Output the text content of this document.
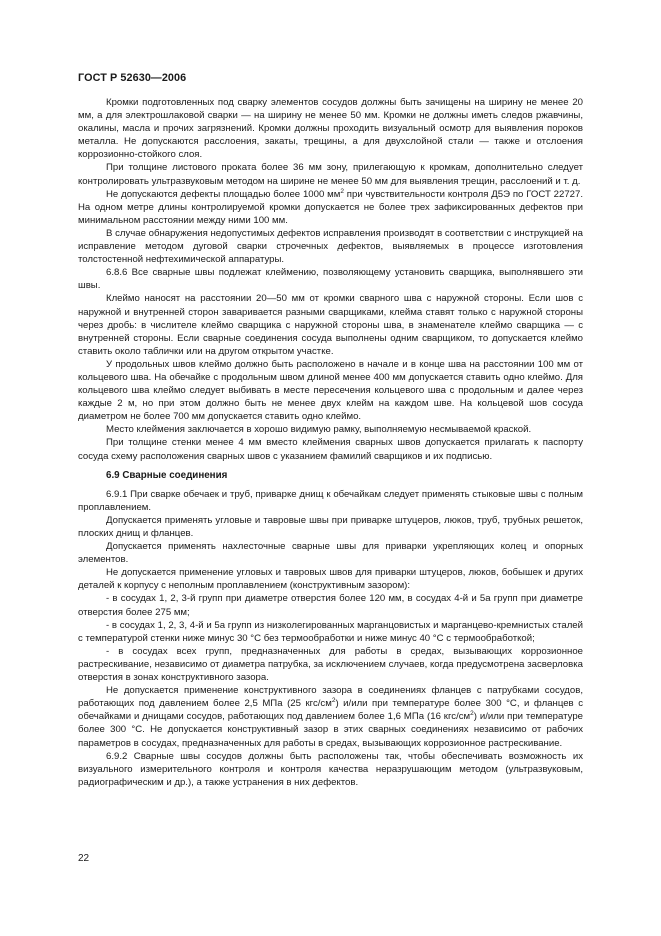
ГОСТ Р 52630—2006

Кромки подготовленных под сварку элементов сосудов должны быть зачищены на ширину не менее 20 мм, а для электрошлаковой сварки — на ширину не менее 50 мм. Кромки не должны иметь следов ржавчины, окалины, масла и прочих загрязнений. Кромки должны проходить визуальный осмотр для выявления пороков металла. Не допускаются расслоения, закаты, трещины, а для двухслойной стали — также и отслоения коррозионно-стойкого слоя.

При толщине листового проката более 36 мм зону, прилегающую к кромкам, дополнительно следует контролировать ультразвуковым методом на ширине не менее 50 мм для выявления трещин, расслоений и т. д.

Не допускаются дефекты площадью более 1000 $мм^2$ при чувствительности контроля Д5Э по ГОСТ 22727. На одном метре длины контролируемой кромки допускается не более трех зафиксированных дефектов при минимальном расстоянии между ними 100 мм.

В случае обнаружения недопустимых дефектов исправления производят в соответствии с инструкцией на исправление методом дуговой сварки строчечных дефектов, выявляемых в процессе изготовления толстостенной нефтехимической аппаратуры.

6.8.6 Все сварные швы подлежат клеймению, позволяющему установить сварщика, выполнявшего эти швы.

Клеймо наносят на расстоянии 20—50 мм от кромки сварного шва с наружной стороны. Если шов с наружной и внутренней сторон заваривается разными сварщиками, клейма ставят только с наружной стороны через дробь: в числителе клеймо сварщика с наружной стороны шва, в знаменателе клеймо сварщика — с внутренней стороны. Если сварные соединения сосуда выполнены одним сварщиком, то допускается клеймо ставить около таблички или на другом открытом участке.

У продольных швов клеймо должно быть расположено в начале и в конце шва на расстоянии 100 мм от кольцевого шва. На обечайке с продольным швом длиной менее 400 мм допускается ставить одно клеймо. Для кольцевого шва клеймо следует выбивать в месте пересечения кольцевого шва с продольным и далее через каждые 2 м, но при этом должно быть не менее двух клейм на каждом шве. На кольцевой шов сосуда диаметром не более 700 мм допускается ставить одно клеймо.

Место клеймения заключается в хорошо видимую рамку, выполняемую несмываемой краской.

При толщине стенки менее 4 мм вместо клеймения сварных швов допускается прилагать к паспорту сосуда схему расположения сварных швов с указанием фамилий сварщиков и их подписью.

6.9 Сварные соединения

6.9.1 При сварке обечаек и труб, приварке днищ к обечайкам следует применять стыковые швы с полным проплавлением.

Допускается применять угловые и тавровые швы при приварке штуцеров, люков, труб, трубных решеток, плоских днищ и фланцев.

Допускается применять нахлесточные сварные швы для приварки укрепляющих колец и опорных элементов.

Не допускается применение угловых и тавровых швов для приварки штуцеров, люков, бобышек и других деталей к корпусу с неполным проплавлением (конструктивным зазором):

- в сосудах 1, 2, 3-й групп при диаметре отверстия более 120 мм, в сосудах 4-й и 5а групп при диаметре отверстия более 275 мм;

- в сосудах 1, 2, 3, 4-й и 5а групп из низколегированных марганцовистых и марганцево-кремнистых сталей с температурой стенки ниже минус 30 °С без термообработки и ниже минус 40 °С с термообработкой;

- в сосудах всех групп, предназначенных для работы в средах, вызывающих коррозионное растрескивание, независимо от диаметра патрубка, за исключением случаев, когда предусмотрена засверловка отверстия в зонах конструктивного зазора.

Не допускается применение конструктивного зазора в соединениях фланцев с патрубками сосудов, работающих под давлением более 2,5 МПа (25 кгс/$см^2$) и/или при температуре более 300 °С, и фланцев с обечайками и днищами сосудов, работающих под давлением более 1,6 МПа (16 кгс/$см^2$) и/или при температуре более 300 °С. Не допускается конструктивный зазор в этих сварных соединениях независимо от рабочих параметров в сосудах, предназначенных для работы в средах, вызывающих коррозионное растрескивание.

6.9.2 Сварные швы сосудов должны быть расположены так, чтобы обеспечивать возможность их визуального измерительного контроля и контроля качества неразрушающим методом (ультразвуковым, радиографическим и др.), а также устранения в них дефектов.

22
